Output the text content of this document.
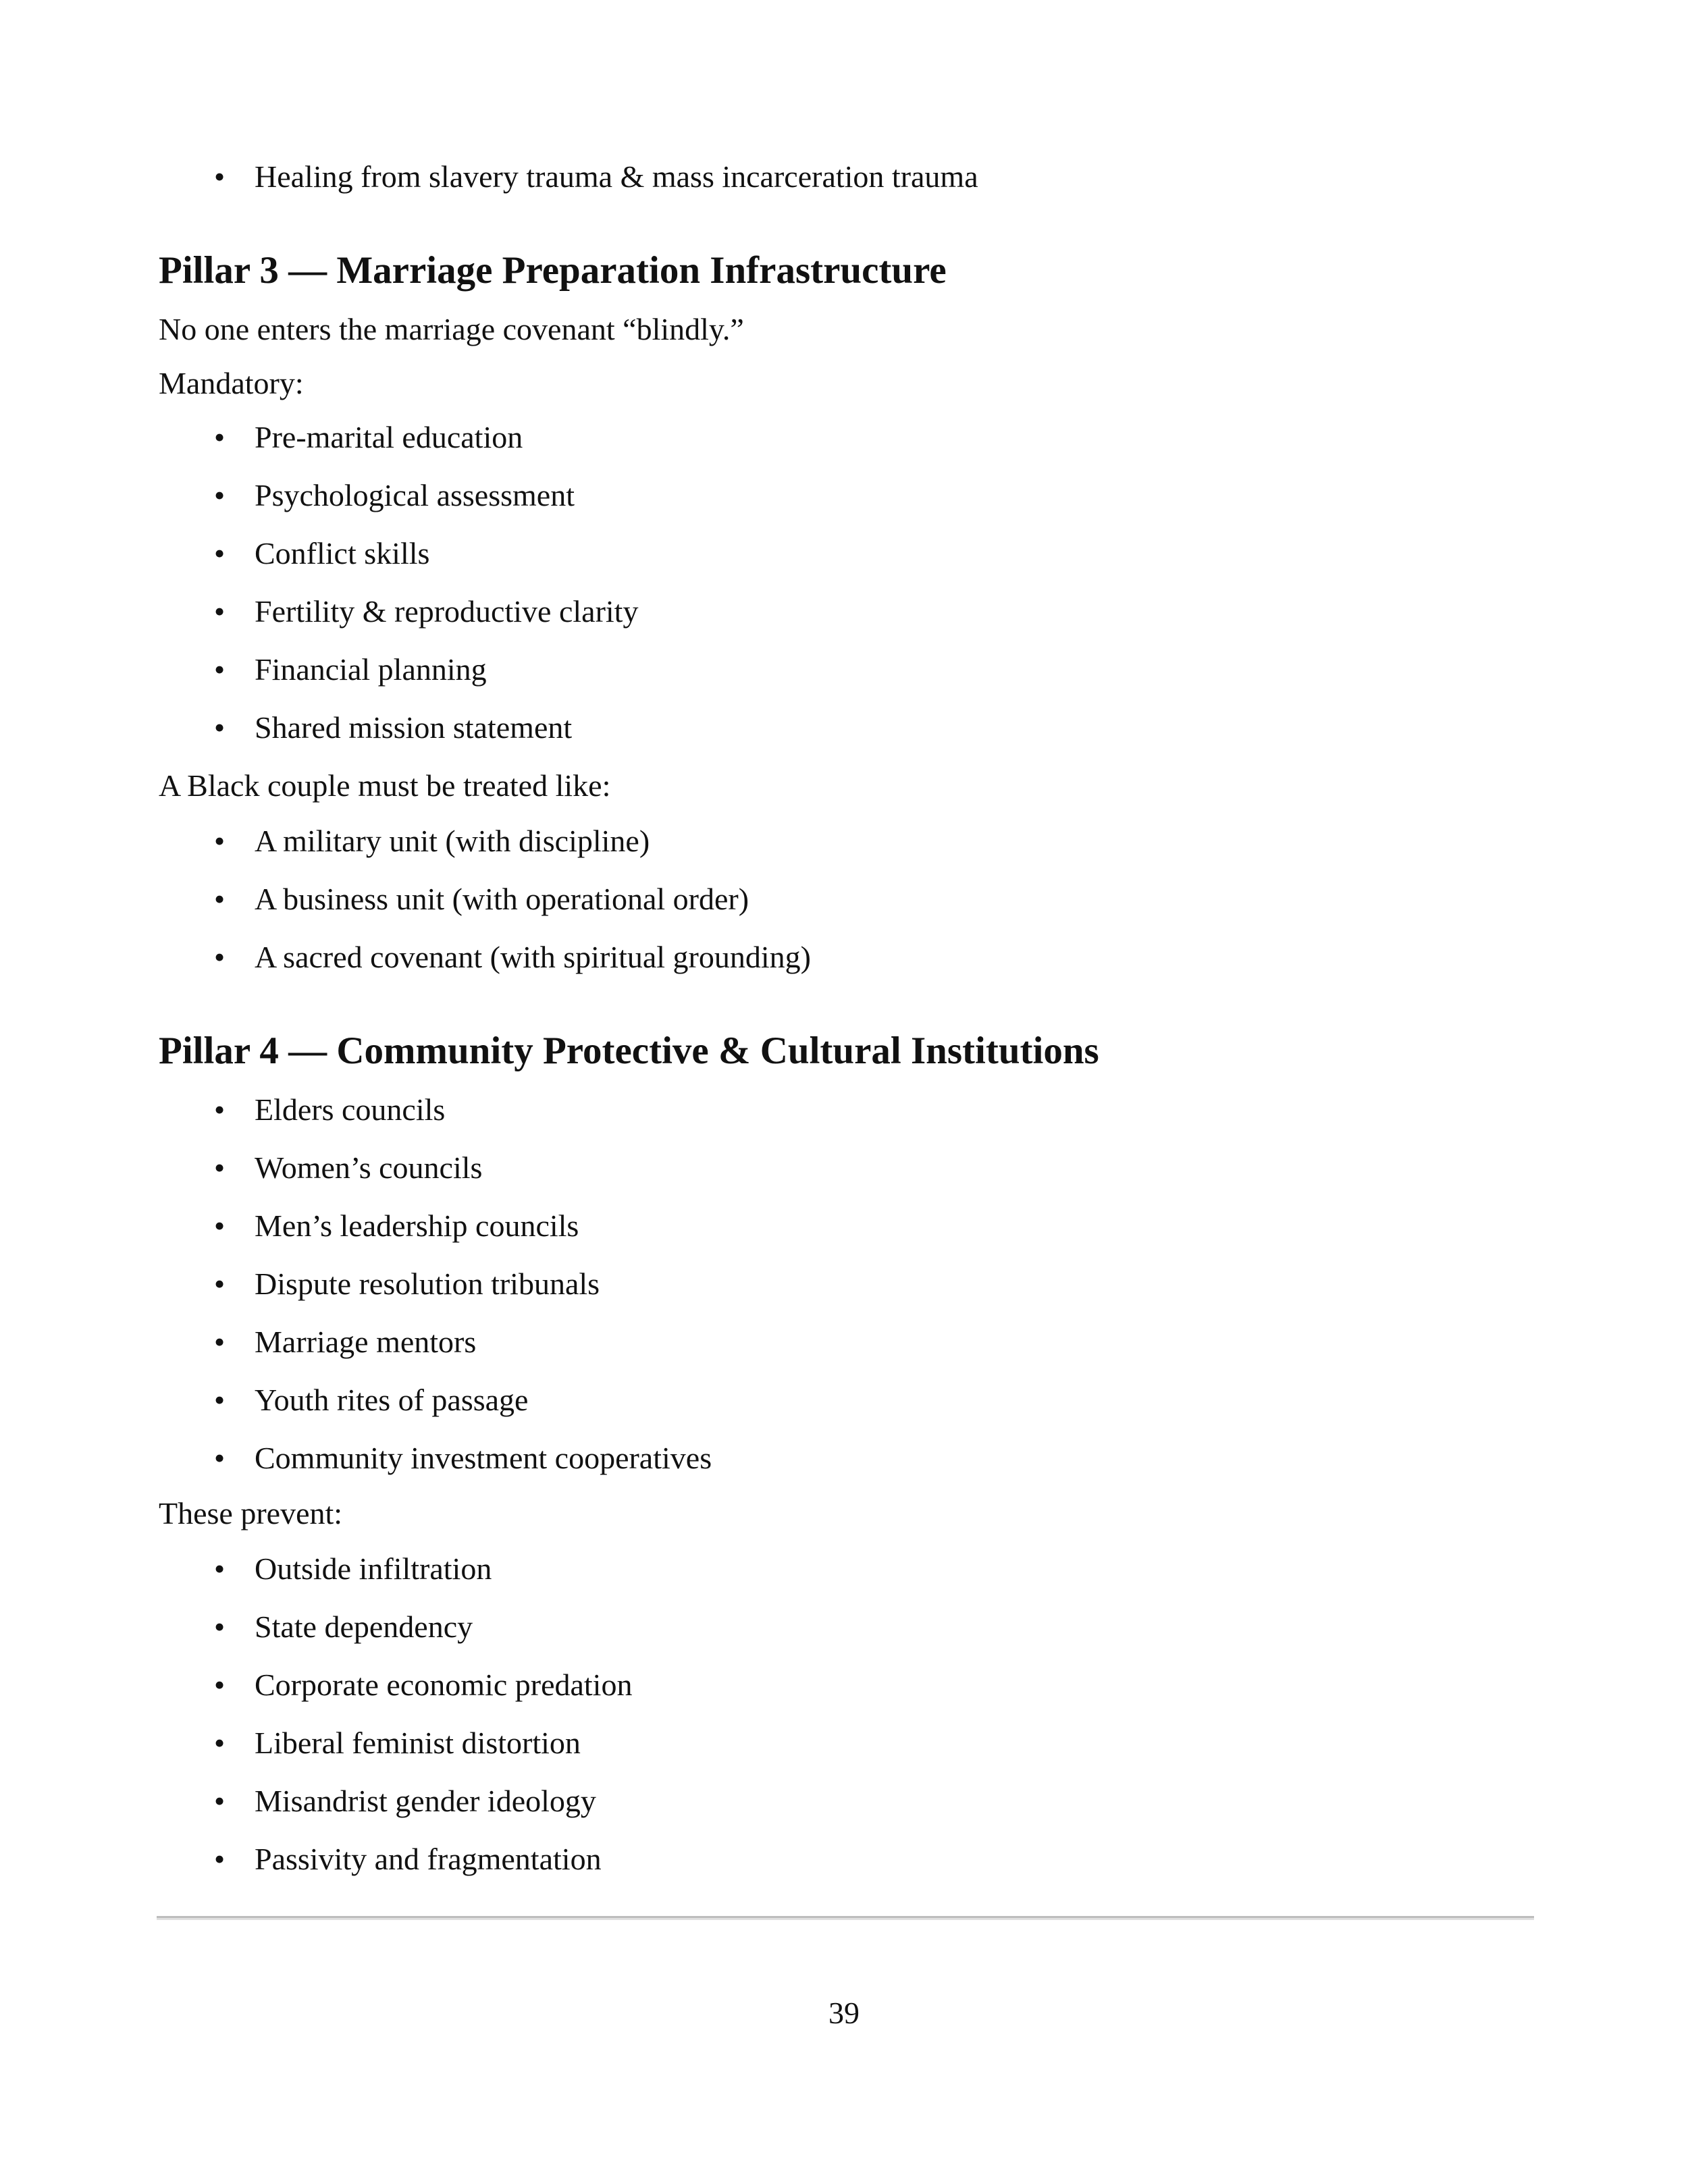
• Healing from slavery trauma & mass incarceration trauma
Pillar 3 — Marriage Preparation Infrastructure

No one enters the marriage covenant “blindly.”

Mandatory:

• Pre-marital education
• Psychological assessment
• Conflict skills
• Fertility & reproductive clarity
• Financial planning
• Shared mission statement

A Black couple must be treated like:

• A military unit (with discipline)
• A business unit (with operational order)
• A sacred covenant (with spiritual grounding)
Pillar 4 — Community Protective & Cultural Institutions
• Elders councils
• Women’s councils
• Men’s leadership councils
• Dispute resolution tribunals
• Marriage mentors
• Youth rites of passage
• Community investment cooperatives

These prevent:

• Outside infiltration
• State dependency
• Corporate economic predation
• Liberal feminist distortion
• Misandrist gender ideology
• Passivity and fragmentation
39
